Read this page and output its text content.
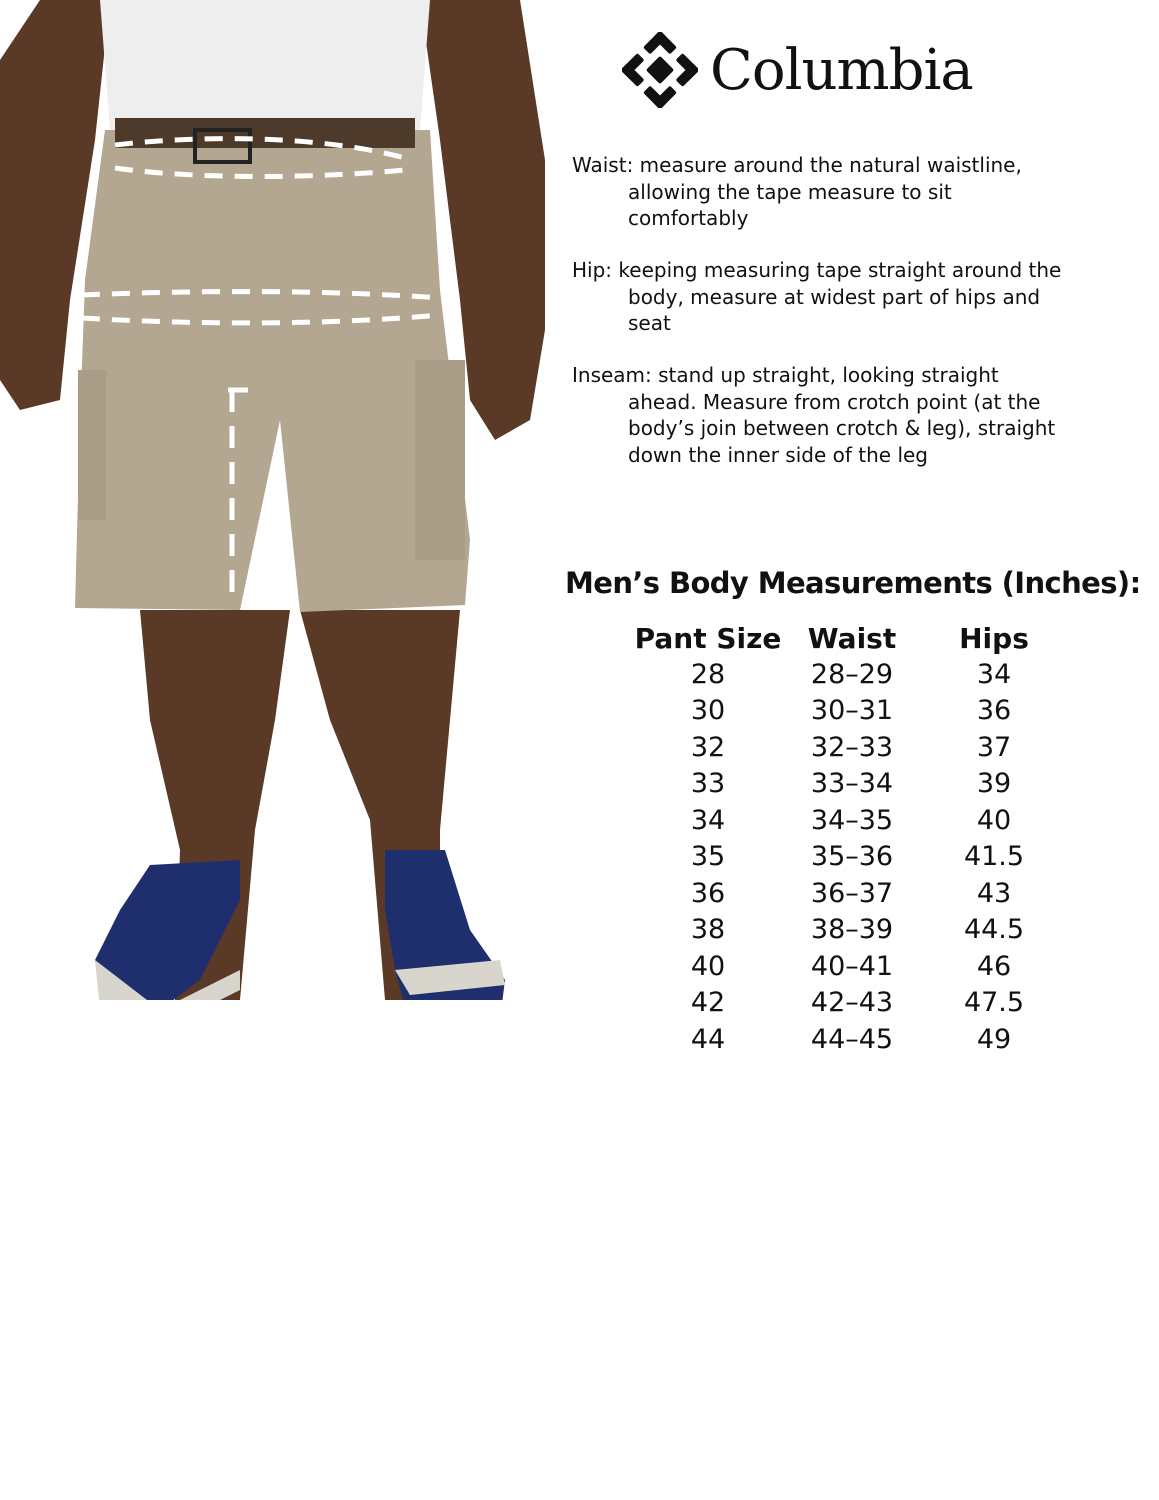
Columbia
Waist: measure around the natural waistline,
allowing the tape measure to sit
comfortably
Hip: keeping measuring tape straight around the
body, measure at widest part of hips and
seat
Inseam: stand up straight, looking straight
ahead. Measure from crotch point (at the
body’s join between crotch & leg), straight
down the inner side of the leg
Men’s Body Measurements (Inches):
Pant Size	Waist	Hips
28	28–29	34
30	30–31	36
32	32–33	37
33	33–34	39
34	34–35	40
35	35–36	41.5
36	36–37	43
38	38–39	44.5
40	40–41	46
42	42–43	47.5
44	44–45	49
